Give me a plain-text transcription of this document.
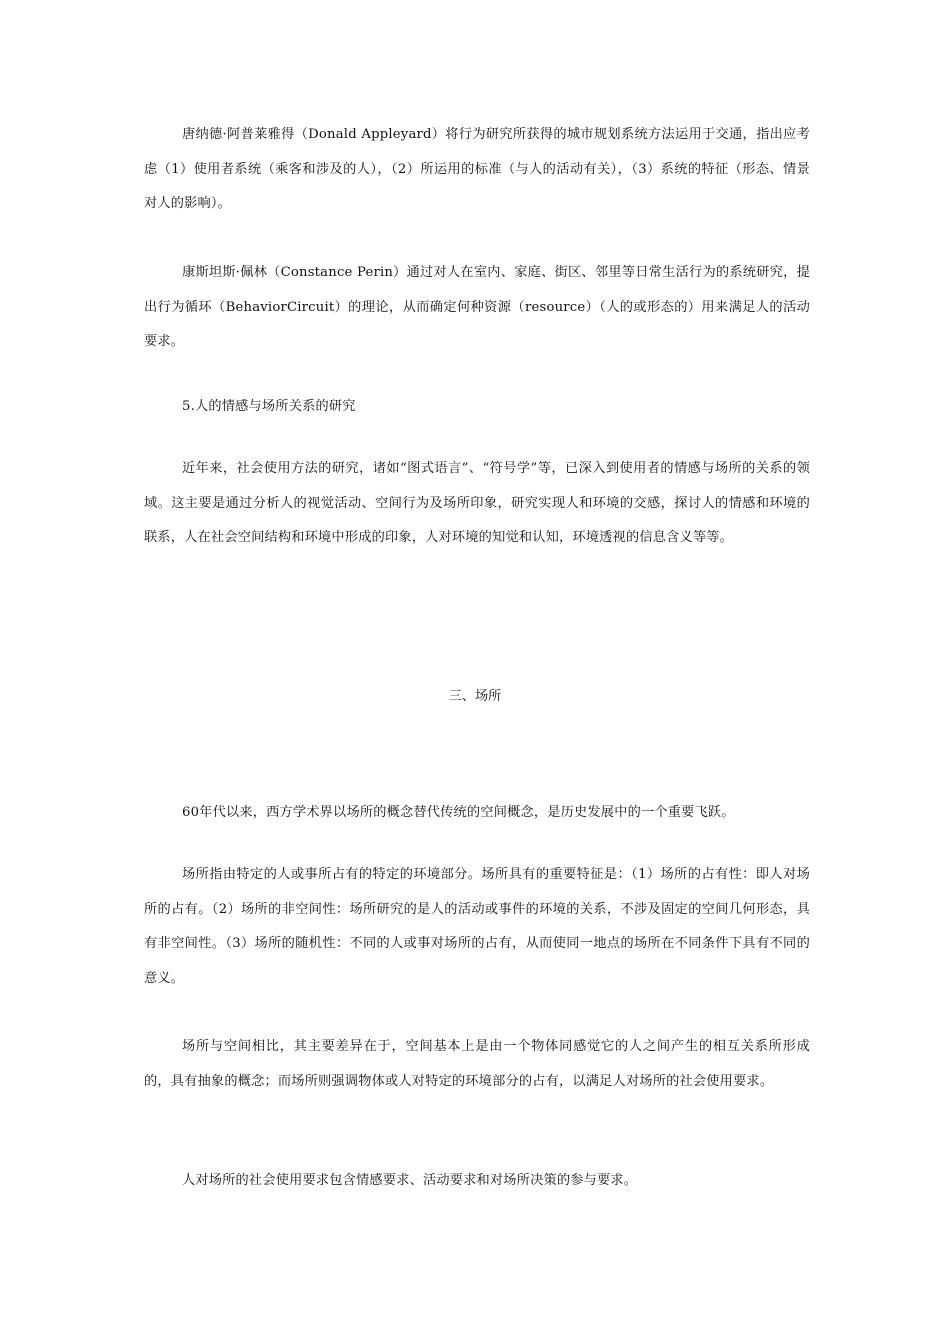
唐纳德·阿普莱雅得（Donald Appleyard）将行为研究所获得的城市规划系统方法运用于交通，指出应考虑（1）使用者系统（乘客和涉及的人），（2）所运用的标准（与人的活动有关），（3）系统的特征（形态、情景对人的影响）。

康斯坦斯·佩林（Constance Perin）通过对人在室内、家庭、街区、邻里等日常生活行为的系统研究，提出行为循环（BehaviorCircuit）的理论，从而确定何种资源（resource）（人的或形态的）用来满足人的活动要求。

5.人的情感与场所关系的研究

近年来，社会使用方法的研究，诸如“图式语言”、“符号学”等，已深入到使用者的情感与场所的关系的领域。这主要是通过分析人的视觉活动、空间行为及场所印象，研究实现人和环境的交感，探讨人的情感和环境的联系，人在社会空间结构和环境中形成的印象，人对环境的知觉和认知，环境透视的信息含义等等。

三、场所

60年代以来，西方学术界以场所的概念替代传统的空间概念，是历史发展中的一个重要飞跃。

场所指由特定的人或事所占有的特定的环境部分。场所具有的重要特征是：（1）场所的占有性：即人对场所的占有。（2）场所的非空间性：场所研究的是人的活动或事件的环境的关系，不涉及固定的空间几何形态，具有非空间性。（3）场所的随机性：不同的人或事对场所的占有，从而使同一地点的场所在不同条件下具有不同的意义。

场所与空间相比，其主要差异在于，空间基本上是由一个物体同感觉它的人之间产生的相互关系所形成的，具有抽象的概念；而场所则强调物体或人对特定的环境部分的占有，以满足人对场所的社会使用要求。

人对场所的社会使用要求包含情感要求、活动要求和对场所决策的参与要求。
